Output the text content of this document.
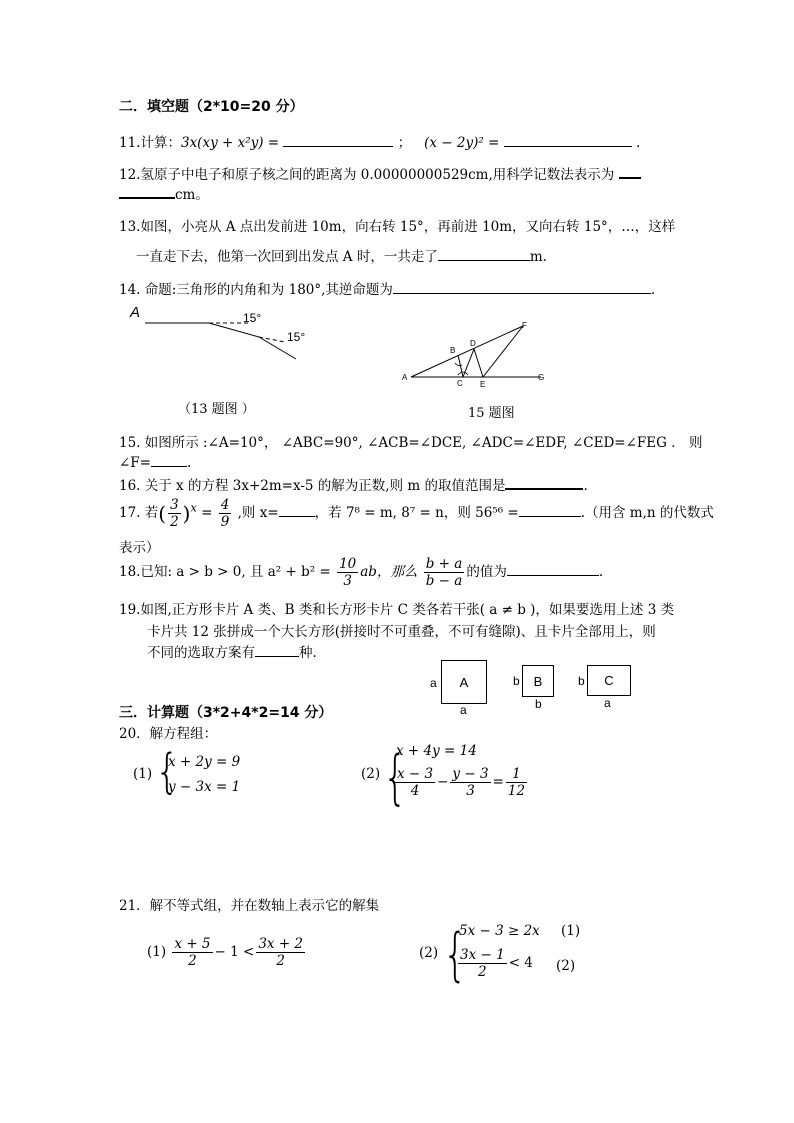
二．填空题（2*10=20 分）
11.计算：3x(xy + x²y) =	； (x − 2y)² =	.
12.氢原子中电子和原子核之间的距离为 0.00000000529cm,用科学记数法表示为
cm。
13.如图，小亮从 A 点出发前进 10m，向右转 15°，再前进 10m，又向右转 15°，…，这样
一直走下去，他第一次回到出发点 A 时，一共走了	m.
14. 命题:三角形的内角和为 180°,其逆命题为	.
A	15°
15°
（13 题图 ）
A
B
C
D
E
F
G
15 题图
15. 如图所示 :∠A=10°， ∠ABC=90°, ∠ACB=∠DCE, ∠ADC=∠EDF, ∠CED=∠FEG ． 则
∠F=	.
16. 关于 x 的方程 3x+2m=x-5 的解为正数,则 m 的取值范围是	.
17. 若( $\frac{3}{2} )^x = \frac{4}{9}$ ,则 x=	，若 7⁸ = m, 8⁷ = n，则 56⁵⁶ =	.（用含 m,n 的代数式
表示）
18.已知: a > b > 0, 且 $a^2 + b^2 = \frac{10}{3}$ ab，那么 $\frac{b + a}{b - a}$ 的值为	.
19.如图,正方形卡片 A 类、B 类和长方形卡片 C 类各若干张( a ≠ b )，如果要选用上述 3 类
卡片共 12 张拼成一个大长方形(拼接时不可重叠，不可有缝隙)、且卡片全部用上，则
不同的选取方案有	种.
a A
a
b B
b
b C
a
三．计算题（3*2+4*2=14 分）
20．解方程组：
(1) {
x + 2y = 9
y − 3x = 1
(2) {
x + 4y = 14
$\frac{x - 3}{4} - \frac{y - 3}{3} = \frac{1}{12}$
21．解不等式组，并在数轴上表示它的解集
$(1) \frac{x + 5}{2} - 1 < \frac{3x + 2}{2}$	(2) {
5x − 3 ≥ 2x (1)
$\frac{3x - 1}{2} < 4$ (2)
